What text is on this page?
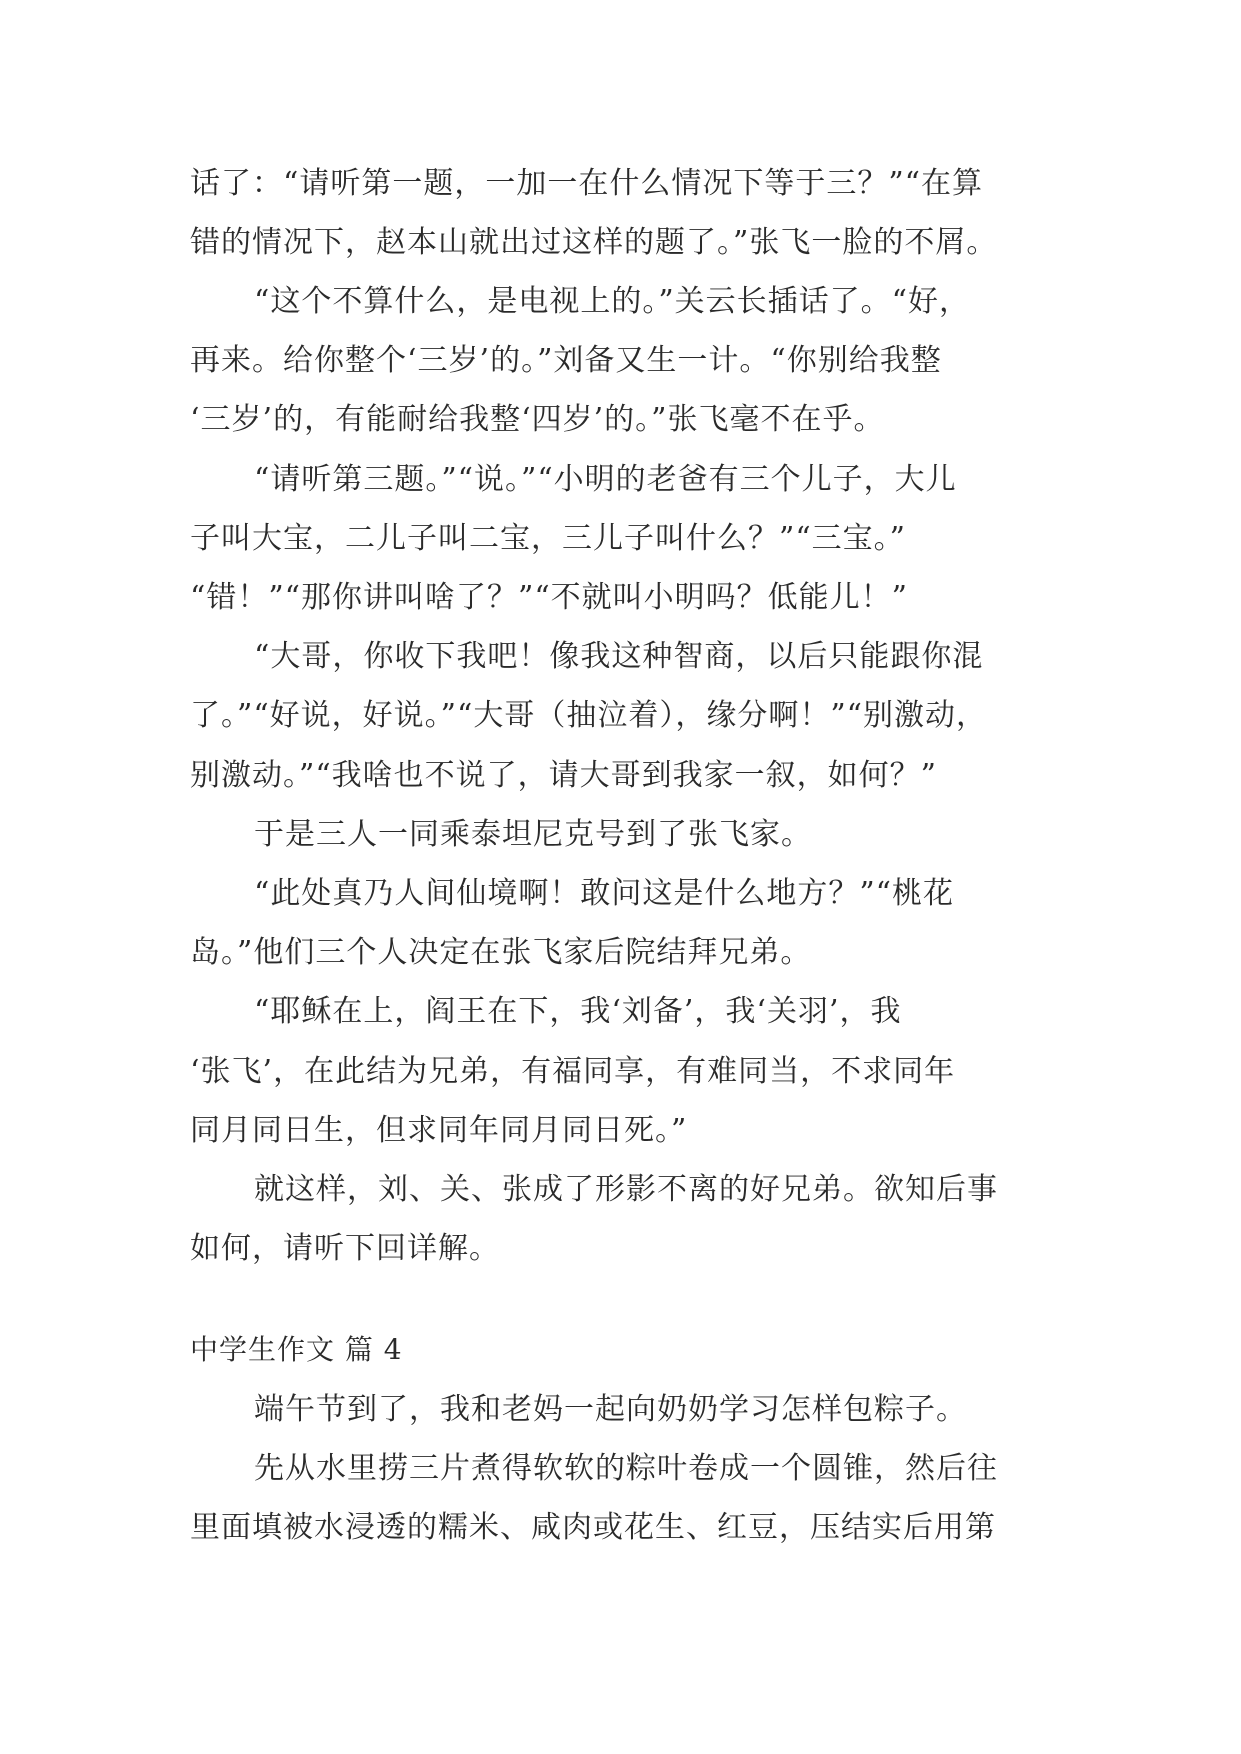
话了：“请听第一题，一加一在什么情况下等于三？”“在算
错的情况下，赵本山就出过这样的题了。”张飞一脸的不屑。
“这个不算什么，是电视上的。”关云长插话了。“好，
再来。给你整个‘三岁’的。”刘备又生一计。“你别给我整
‘三岁’的，有能耐给我整‘四岁’的。”张飞毫不在乎。
“请听第三题。”“说。”“小明的老爸有三个儿子，大儿
子叫大宝，二儿子叫二宝，三儿子叫什么？”“三宝。”
“错！”“那你讲叫啥了？”“不就叫小明吗？低能儿！”
“大哥，你收下我吧！像我这种智商，以后只能跟你混
了。”“好说，好说。”“大哥（抽泣着），缘分啊！”“别激动，
别激动。”“我啥也不说了，请大哥到我家一叙，如何？”
于是三人一同乘泰坦尼克号到了张飞家。
“此处真乃人间仙境啊！敢问这是什么地方？”“桃花
岛。”他们三个人决定在张飞家后院结拜兄弟。
“耶稣在上，阎王在下，我‘刘备’，我‘关羽’，我
‘张飞’，在此结为兄弟，有福同享，有难同当，不求同年
同月同日生，但求同年同月同日死。”
就这样，刘、关、张成了形影不离的好兄弟。欲知后事
如何，请听下回详解。
中学生作文 篇 4
端午节到了，我和老妈一起向奶奶学习怎样包粽子。
先从水里捞三片煮得软软的粽叶卷成一个圆锥，然后往
里面填被水浸透的糯米、咸肉或花生、红豆，压结实后用第
